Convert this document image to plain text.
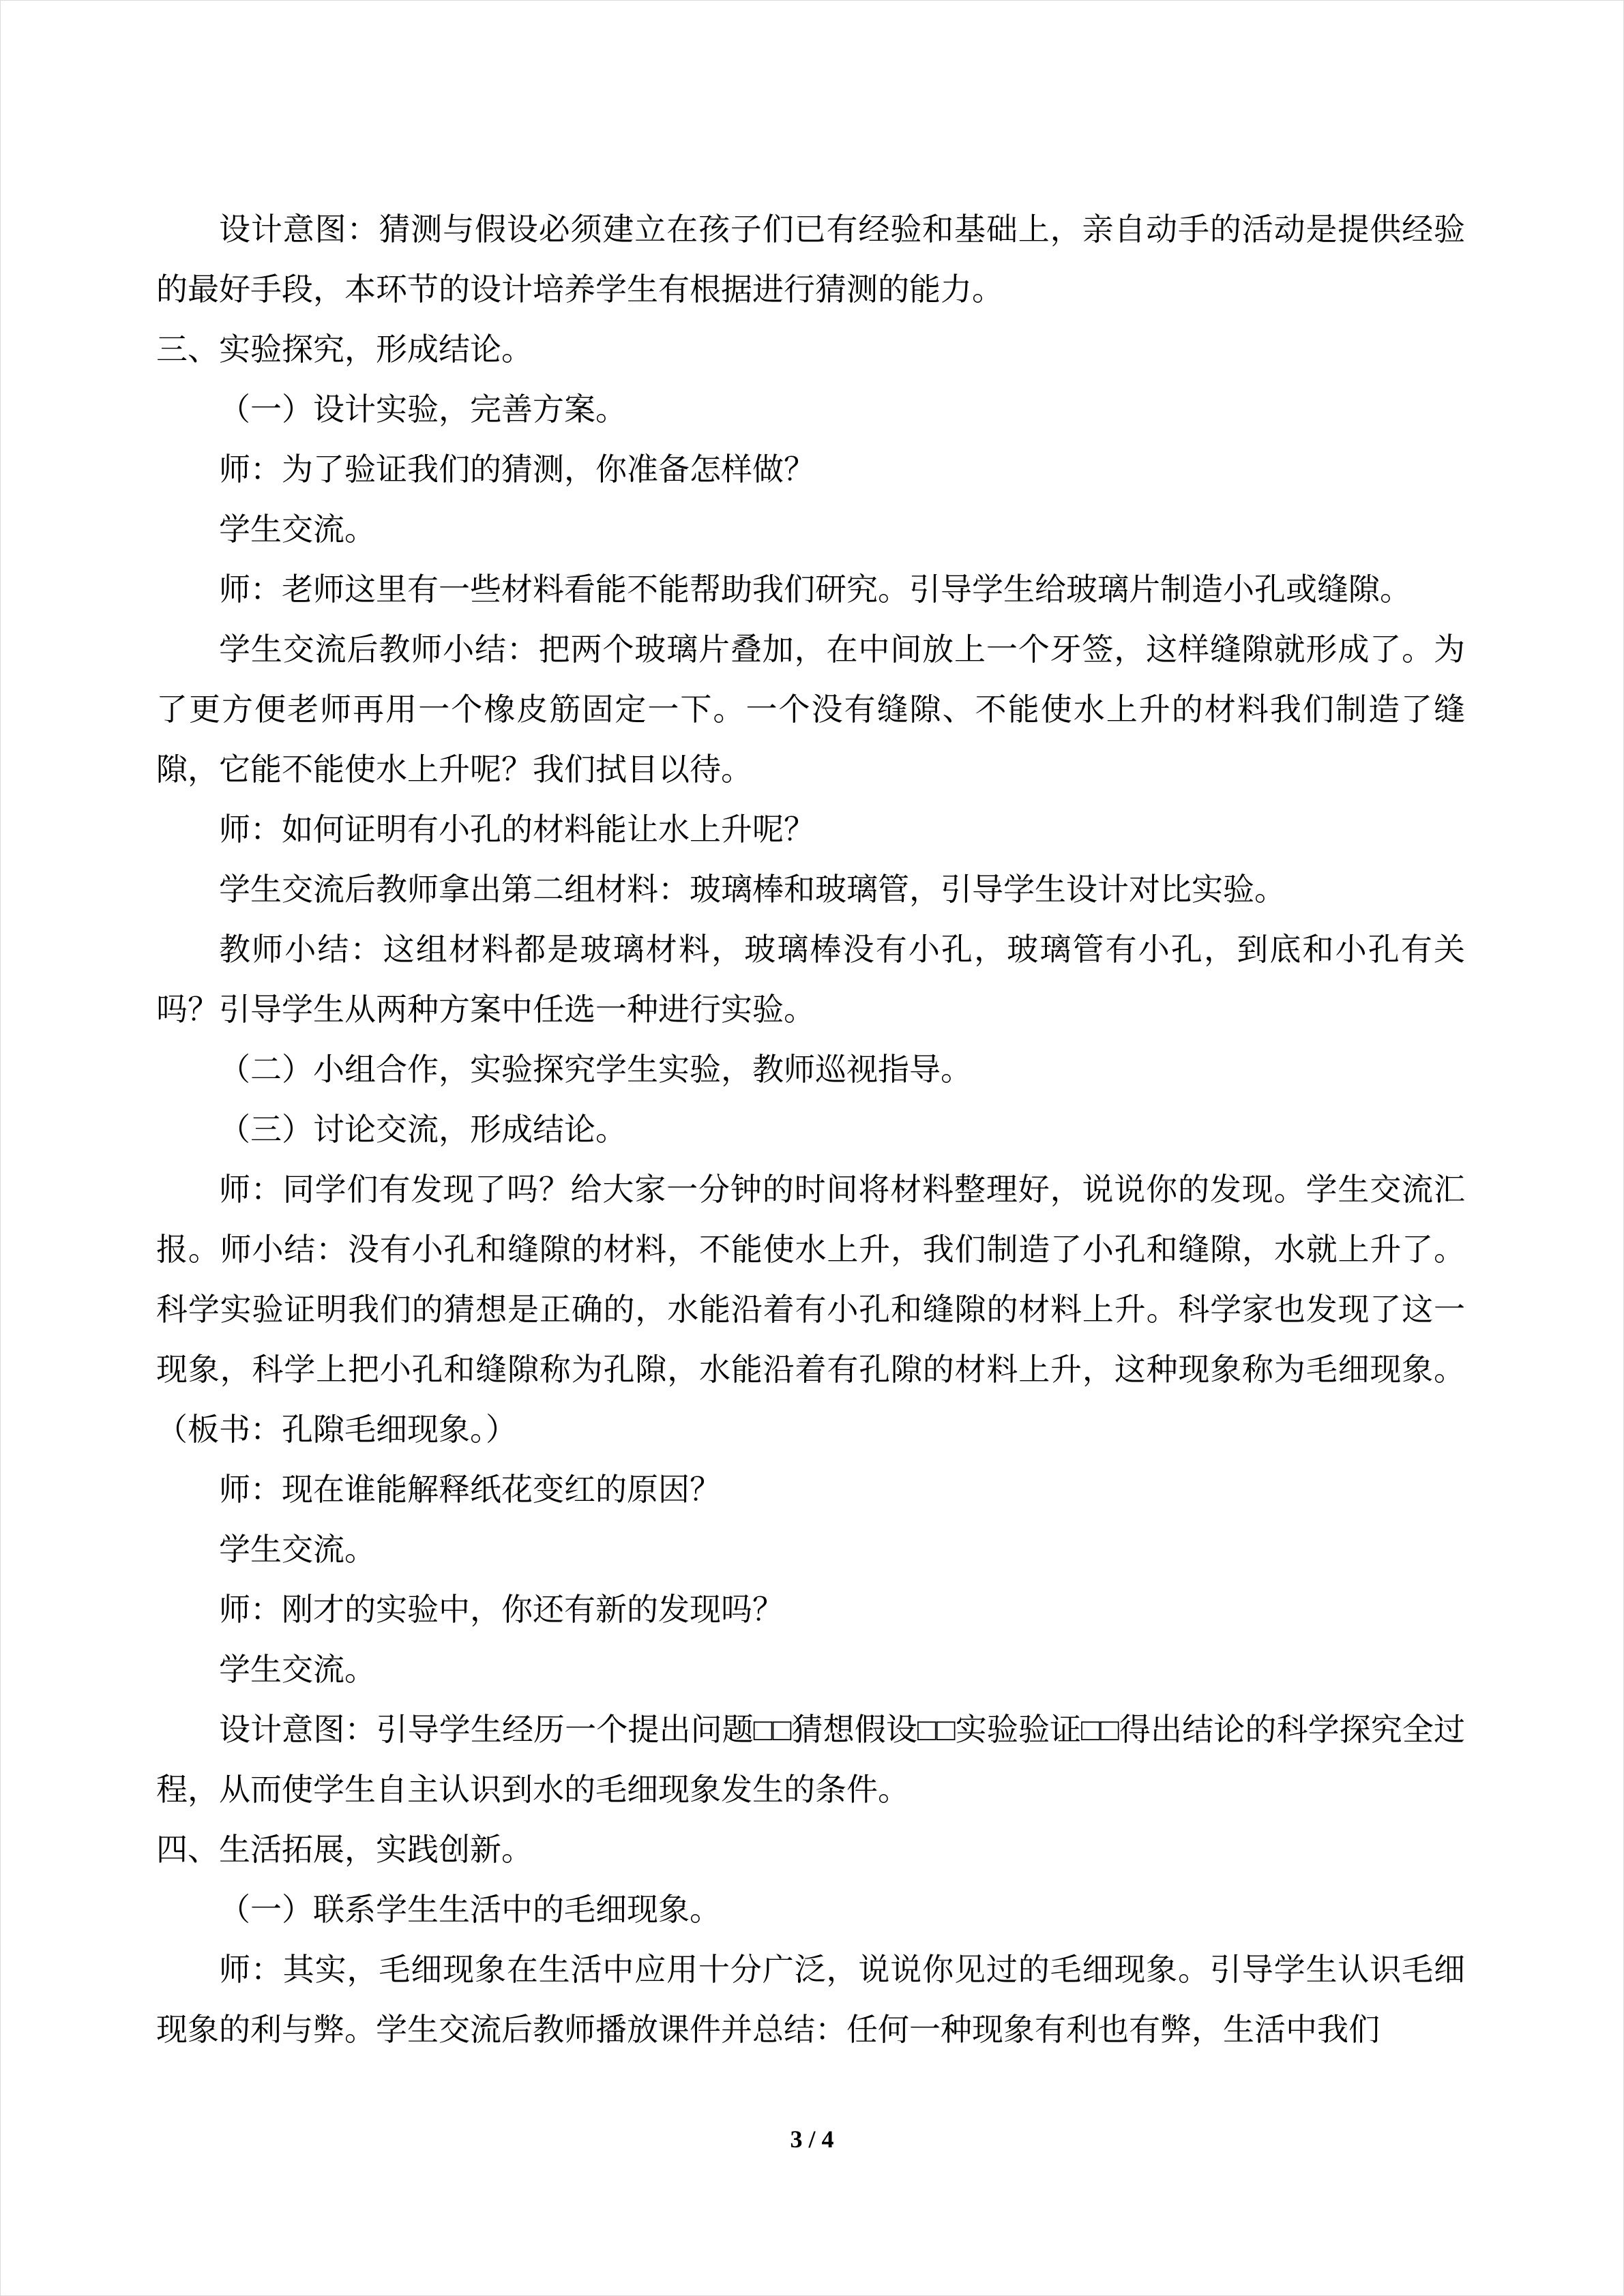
设计意图：猜测与假设必须建立在孩子们已有经验和基础上，亲自动手的活动是提供经验的最好手段，本环节的设计培养学生有根据进行猜测的能力。

三、实验探究，形成结论。

（一）设计实验，完善方案。

师：为了验证我们的猜测，你准备怎样做？

学生交流。

师：老师这里有一些材料看能不能帮助我们研究。引导学生给玻璃片制造小孔或缝隙。

学生交流后教师小结：把两个玻璃片叠加，在中间放上一个牙签，这样缝隙就形成了。为了更方便老师再用一个橡皮筋固定一下。一个没有缝隙、不能使水上升的材料我们制造了缝隙，它能不能使水上升呢？我们拭目以待。

师：如何证明有小孔的材料能让水上升呢？

学生交流后教师拿出第二组材料：玻璃棒和玻璃管，引导学生设计对比实验。

教师小结：这组材料都是玻璃材料，玻璃棒没有小孔，玻璃管有小孔，到底和小孔有关吗？引导学生从两种方案中任选一种进行实验。

（二）小组合作，实验探究学生实验，教师巡视指导。

（三）讨论交流，形成结论。

师：同学们有发现了吗？给大家一分钟的时间将材料整理好，说说你的发现。学生交流汇报。师小结：没有小孔和缝隙的材料，不能使水上升，我们制造了小孔和缝隙，水就上升了。科学实验证明我们的猜想是正确的，水能沿着有小孔和缝隙的材料上升。科学家也发现了这一现象，科学上把小孔和缝隙称为孔隙，水能沿着有孔隙的材料上升，这种现象称为毛细现象。（板书：孔隙毛细现象。）

师：现在谁能解释纸花变红的原因？

学生交流。

师：刚才的实验中，你还有新的发现吗？

学生交流。

设计意图：引导学生经历一个提出问题□□猜想假设□□实验验证□□得出结论的科学探究全过程，从而使学生自主认识到水的毛细现象发生的条件。

四、生活拓展，实践创新。

（一）联系学生生活中的毛细现象。

师：其实，毛细现象在生活中应用十分广泛，说说你见过的毛细现象。引导学生认识毛细现象的利与弊。学生交流后教师播放课件并总结：任何一种现象有利也有弊，生活中我们

3 / 4
